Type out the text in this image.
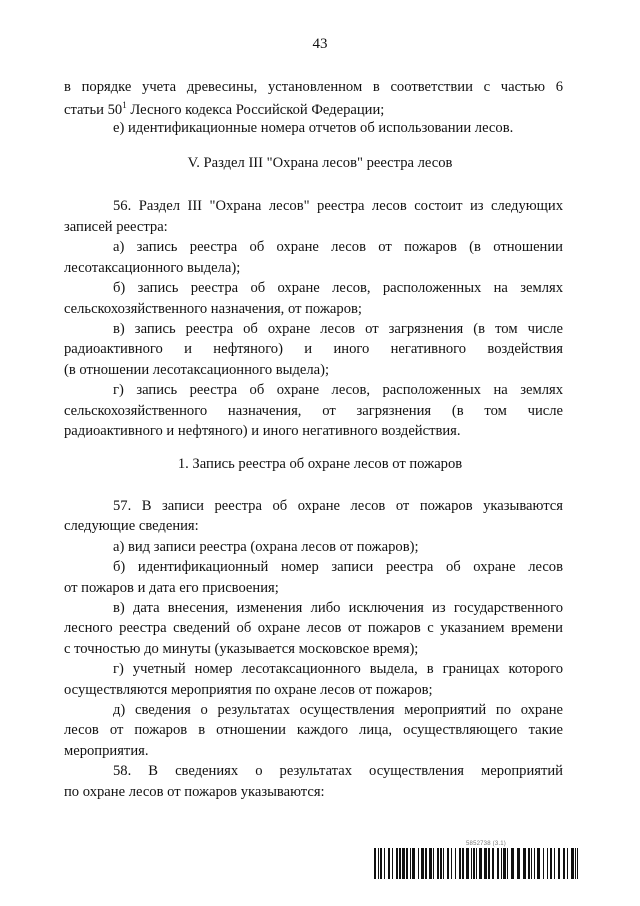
43
в порядке учета древесины, установленном в соответствии с частью 6
статьи $50^1$ Лесного кодекса Российской Федерации;
е) идентификационные номера отчетов об использовании лесов.
V. Раздел III "Охрана лесов" реестра лесов
56. Раздел III "Охрана лесов" реестра лесов состоит из следующих
записей реестра:
а) запись реестра об охране лесов от пожаров (в отношении
лесотаксационного выдела);
б) запись реестра об охране лесов, расположенных на землях
сельскохозяйственного назначения, от пожаров;
в) запись реестра об охране лесов от загрязнения (в том числе
радиоактивного и нефтяного) и иного негативного воздействия
(в отношении лесотаксационного выдела);
г) запись реестра об охране лесов, расположенных на землях
сельскохозяйственного назначения, от загрязнения (в том числе
радиоактивного и нефтяного) и иного негативного воздействия.
1. Запись реестра об охране лесов от пожаров
57. В записи реестра об охране лесов от пожаров указываются
следующие сведения:
а) вид записи реестра (охрана лесов от пожаров);
б) идентификационный номер записи реестра об охране лесов
от пожаров и дата его присвоения;
в) дата внесения, изменения либо исключения из государственного
лесного реестра сведений об охране лесов от пожаров с указанием времени
с точностью до минуты (указывается московское время);
г) учетный номер лесотаксационного выдела, в границах которого
осуществляются мероприятия по охране лесов от пожаров;
д) сведения о результатах осуществления мероприятий по охране
лесов от пожаров в отношении каждого лица, осуществляющего такие
мероприятия.
58. В сведениях о результатах осуществления мероприятий
по охране лесов от пожаров указываются:
5852738 (3.1)
